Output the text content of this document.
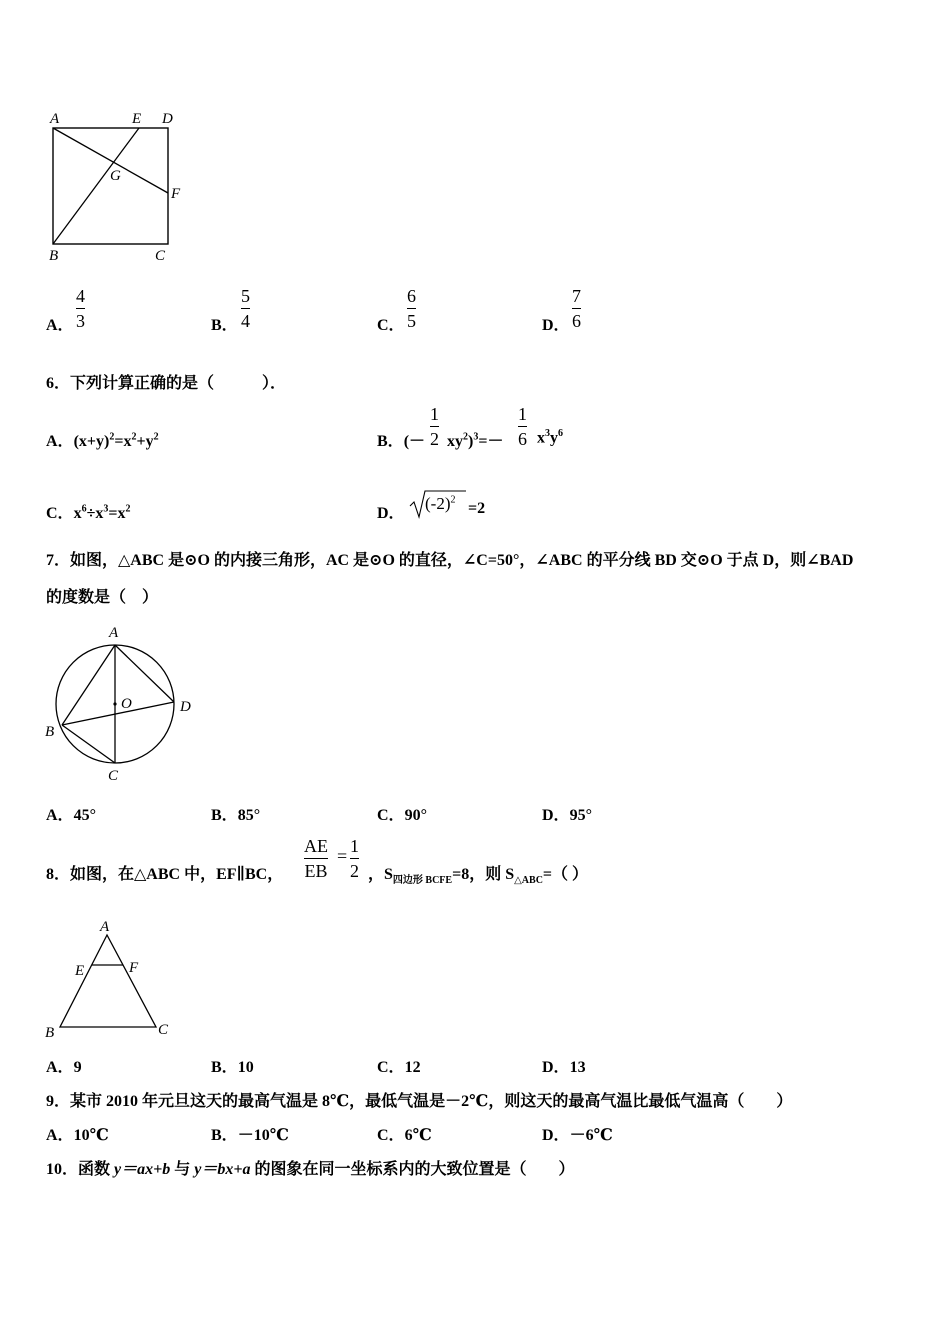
A	E D
G
F
B	C
A．
4
3	B．
5
4	C．
6
5	D．
7
6
6．下列计算正确的是（　　　）．
A．$(x+y)^2=x^2+y^2$	B．(－
1
2 $xy^2)^3=-$
1
6 $x^3y^6$
C．$x^6\div x^3=x^2$	D．
$(-2)^2$
=2
7．如图，△ABC 是⊙O 的内接三角形，AC 是⊙O 的直径，∠C=50°，∠ABC 的平分线 BD 交⊙O 于点 D，则∠BAD
的度数是（　）
A
O	D
B
C
A．45°	B．85°	C．90°	D．95°
8．如图，在△ABC 中，EF∥BC，
AE
EB
= 1
2 ，$S_{四边形 BCFE}=8$，则 $S_{\triangle ABC}=$（ ）
A
E	F
B	C
A．9	B．10	C．12	D．13
9．某市 2010 年元旦这天的最高气温是 8℃，最低气温是－2℃，则这天的最高气温比最低气温高（　　）
A．10℃	B．－10℃	C．6℃	D．－6℃
10．函数 y＝ax+b 与 y＝bx+a 的图象在同一坐标系内的大致位置是（　　）
